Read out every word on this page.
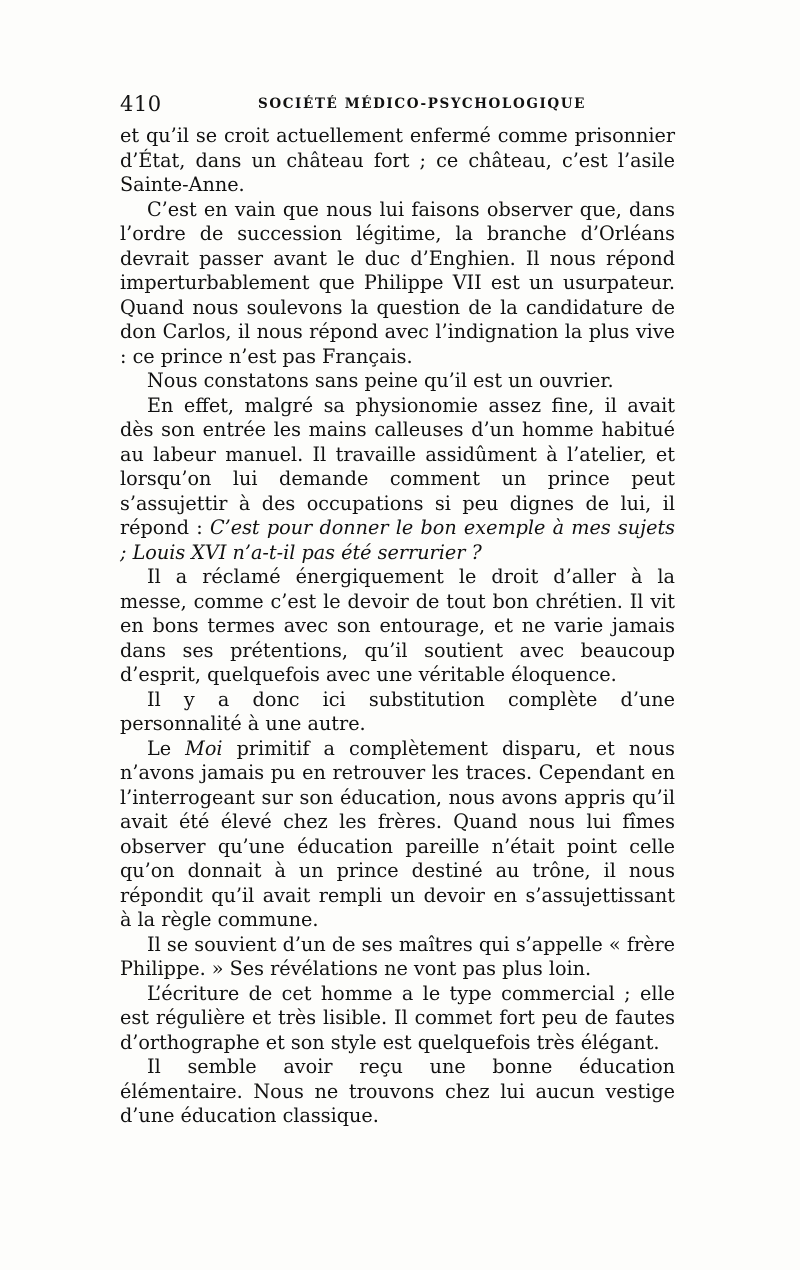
410	SOCIÉTÉ MÉDICO-PSYCHOLOGIQUE

et qu’il se croit actuellement enfermé comme prisonnier d’État, dans un château fort ; ce château, c’est l’asile Sainte-Anne.

C’est en vain que nous lui faisons observer que, dans l’ordre de succession légitime, la branche d’Orléans devrait passer avant le duc d’Enghien. Il nous répond imperturbablement que Philippe VII est un usurpateur. Quand nous soulevons la question de la candidature de don Carlos, il nous répond avec l’indignation la plus vive : ce prince n’est pas Français.

Nous constatons sans peine qu’il est un ouvrier.

En effet, malgré sa physionomie assez fine, il avait dès son entrée les mains calleuses d’un homme habitué au labeur manuel. Il travaille assidûment à l’atelier, et lorsqu’on lui demande comment un prince peut s’assujettir à des occupations si peu dignes de lui, il répond : C’est pour donner le bon exemple à mes sujets ; Louis XVI n’a-t-il pas été serrurier ?

Il a réclamé énergiquement le droit d’aller à la messe, comme c’est le devoir de tout bon chrétien. Il vit en bons termes avec son entourage, et ne varie jamais dans ses prétentions, qu’il soutient avec beaucoup d’esprit, quelquefois avec une véritable éloquence.

Il y a donc ici substitution complète d’une personnalité à une autre.

Le Moi primitif a complètement disparu, et nous n’avons jamais pu en retrouver les traces. Cependant en l’interrogeant sur son éducation, nous avons appris qu’il avait été élevé chez les frères. Quand nous lui fîmes observer qu’une éducation pareille n’était point celle qu’on donnait à un prince destiné au trône, il nous répondit qu’il avait rempli un devoir en s’assujettissant à la règle commune.

Il se souvient d’un de ses maîtres qui s’appelle « frère Philippe. » Ses révélations ne vont pas plus loin.

L’écriture de cet homme a le type commercial ; elle est régulière et très lisible. Il commet fort peu de fautes d’orthographe et son style est quelquefois très élégant.

Il semble avoir reçu une bonne éducation élémentaire. Nous ne trouvons chez lui aucun vestige d’une éducation classique.
